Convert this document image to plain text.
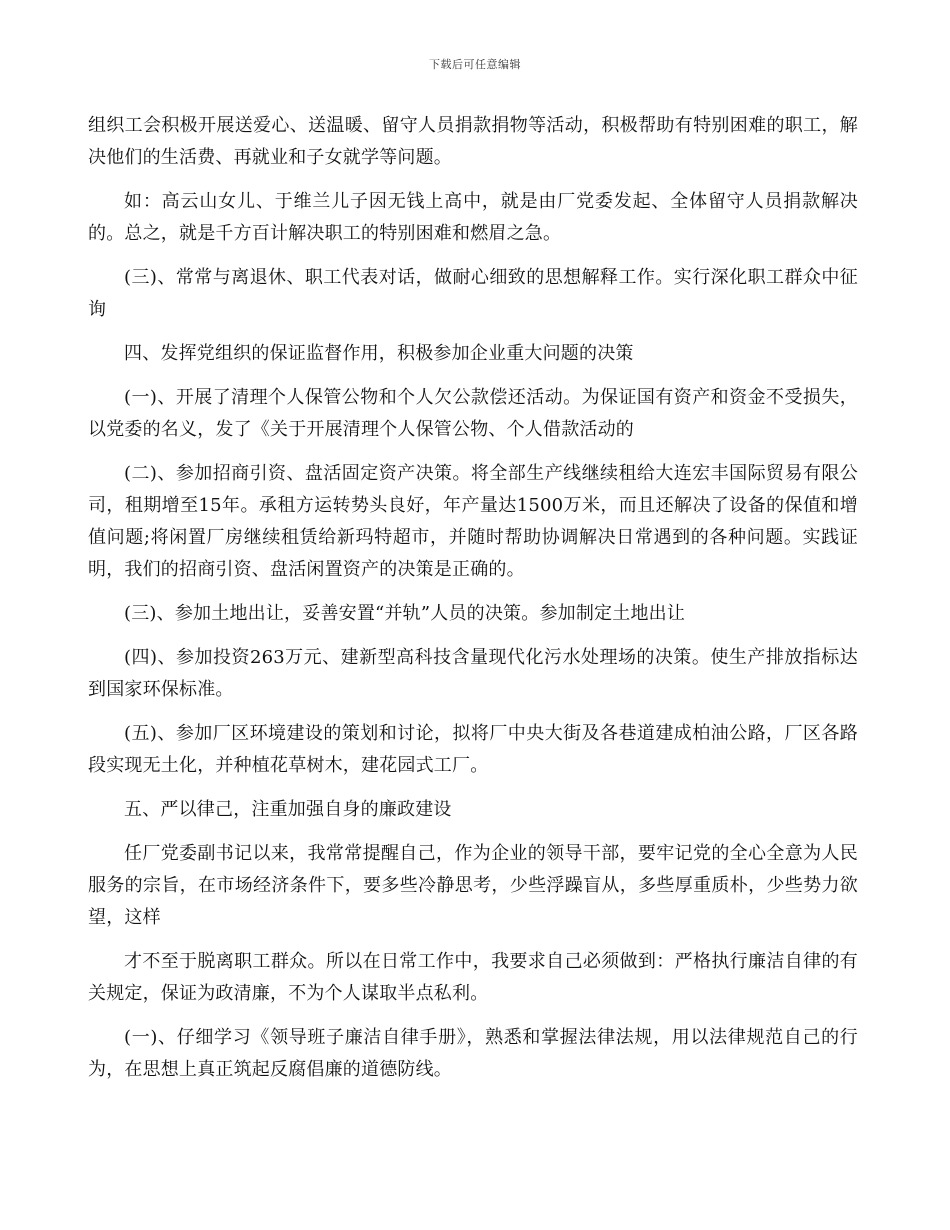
下载后可任意编辑

组织工会积极开展送爱心、送温暖、留守人员捐款捐物等活动，积极帮助有特别困难的职工，解决他们的生活费、再就业和子女就学等问题。

如：高云山女儿、于维兰儿子因无钱上高中，就是由厂党委发起、全体留守人员捐款解决的。总之，就是千方百计解决职工的特别困难和燃眉之急。

(三)、常常与离退休、职工代表对话，做耐心细致的思想解释工作。实行深化职工群众中征询

四、发挥党组织的保证监督作用，积极参加企业重大问题的决策

(一)、开展了清理个人保管公物和个人欠公款偿还活动。为保证国有资产和资金不受损失，以党委的名义，发了《关于开展清理个人保管公物、个人借款活动的

(二)、参加招商引资、盘活固定资产决策。将全部生产线继续租给大连宏丰国际贸易有限公司，租期增至15年。承租方运转势头良好，年产量达1500万米，而且还解决了设备的保值和增值问题;将闲置厂房继续租赁给新玛特超市，并随时帮助协调解决日常遇到的各种问题。实践证明，我们的招商引资、盘活闲置资产的决策是正确的。

(三)、参加土地出让，妥善安置“并轨”人员的决策。参加制定土地出让

(四)、参加投资263万元、建新型高科技含量现代化污水处理场的决策。使生产排放指标达到国家环保标准。

(五)、参加厂区环境建设的策划和讨论，拟将厂中央大街及各巷道建成柏油公路，厂区各路段实现无土化，并种植花草树木，建花园式工厂。

五、严以律己，注重加强自身的廉政建设

任厂党委副书记以来，我常常提醒自己，作为企业的领导干部，要牢记党的全心全意为人民服务的宗旨，在市场经济条件下，要多些冷静思考，少些浮躁盲从，多些厚重质朴，少些势力欲望，这样

才不至于脱离职工群众。所以在日常工作中，我要求自己必须做到：严格执行廉洁自律的有关规定，保证为政清廉，不为个人谋取半点私利。

(一)、仔细学习《领导班子廉洁自律手册》，熟悉和掌握法律法规，用以法律规范自己的行为，在思想上真正筑起反腐倡廉的道德防线。
